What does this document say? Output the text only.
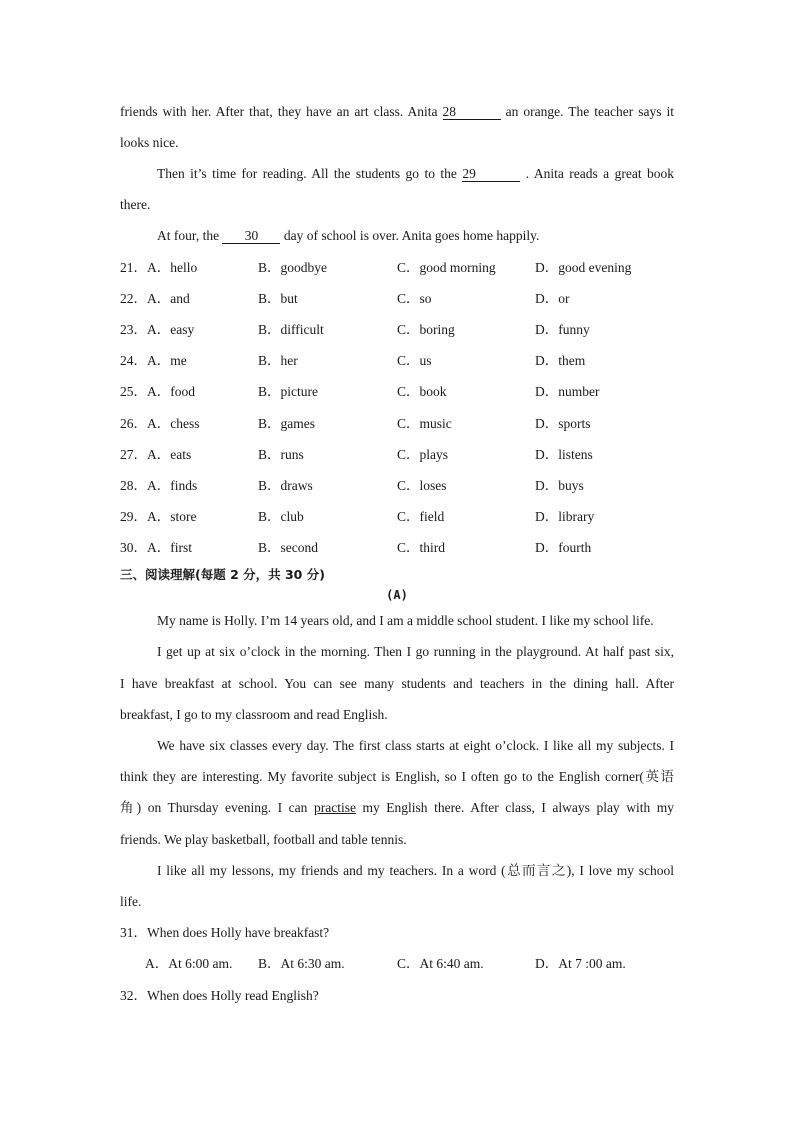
friends with her. After that, they have an art class. Anita 28	an orange. The teacher says it
looks nice.
Then it’s time for reading. All the students go to the 29	. Anita reads a great book
there.
At four, the 30 day of school is over. Anita goes home happily.
21． A．hello	B．goodbye	C．good morning	D．good evening
22． A．and	B．but	C．so	D．or
23． A．easy	B．difficult	C．boring	D．funny
24． A．me	B．her	C．us	D．them
25． A．food	B．picture	C．book	D．number
26． A．chess	B．games	C．music	D．sports
27． A．eats	B．runs	C．plays	D．listens
28． A．finds	B．draws	C．loses	D．buys
29． A．store	B．club	C．field	D．library
30． A．first	B．second	C．third	D．fourth
三、阅读理解(每题 2 分，共 30 分)
(A)
My name is Holly. I’m 14 years old, and I am a middle school student. I like my school life.
I get up at six o’clock in the morning. Then I go running in the playground. At half past six,
I have breakfast at school. You can see many students and teachers in the dining hall. After
breakfast, I go to my classroom and read English.
We have six classes every day. The first class starts at eight o’clock. I like all my subjects. I
think they are interesting. My favorite subject is English, so I often go to the English corner(英语
角) on Thursday evening. I can practise my English there. After class, I always play with my
friends. We play basketball, football and table tennis.
I like all my lessons, my friends and my teachers. In a word (总而言之), I love my school
life.
31．When does Holly have breakfast?
A．At 6:00 am. B．At 6:30 am.	C．At 6:40 am.	D．At 7 :00 am.
32．When does Holly read English?
